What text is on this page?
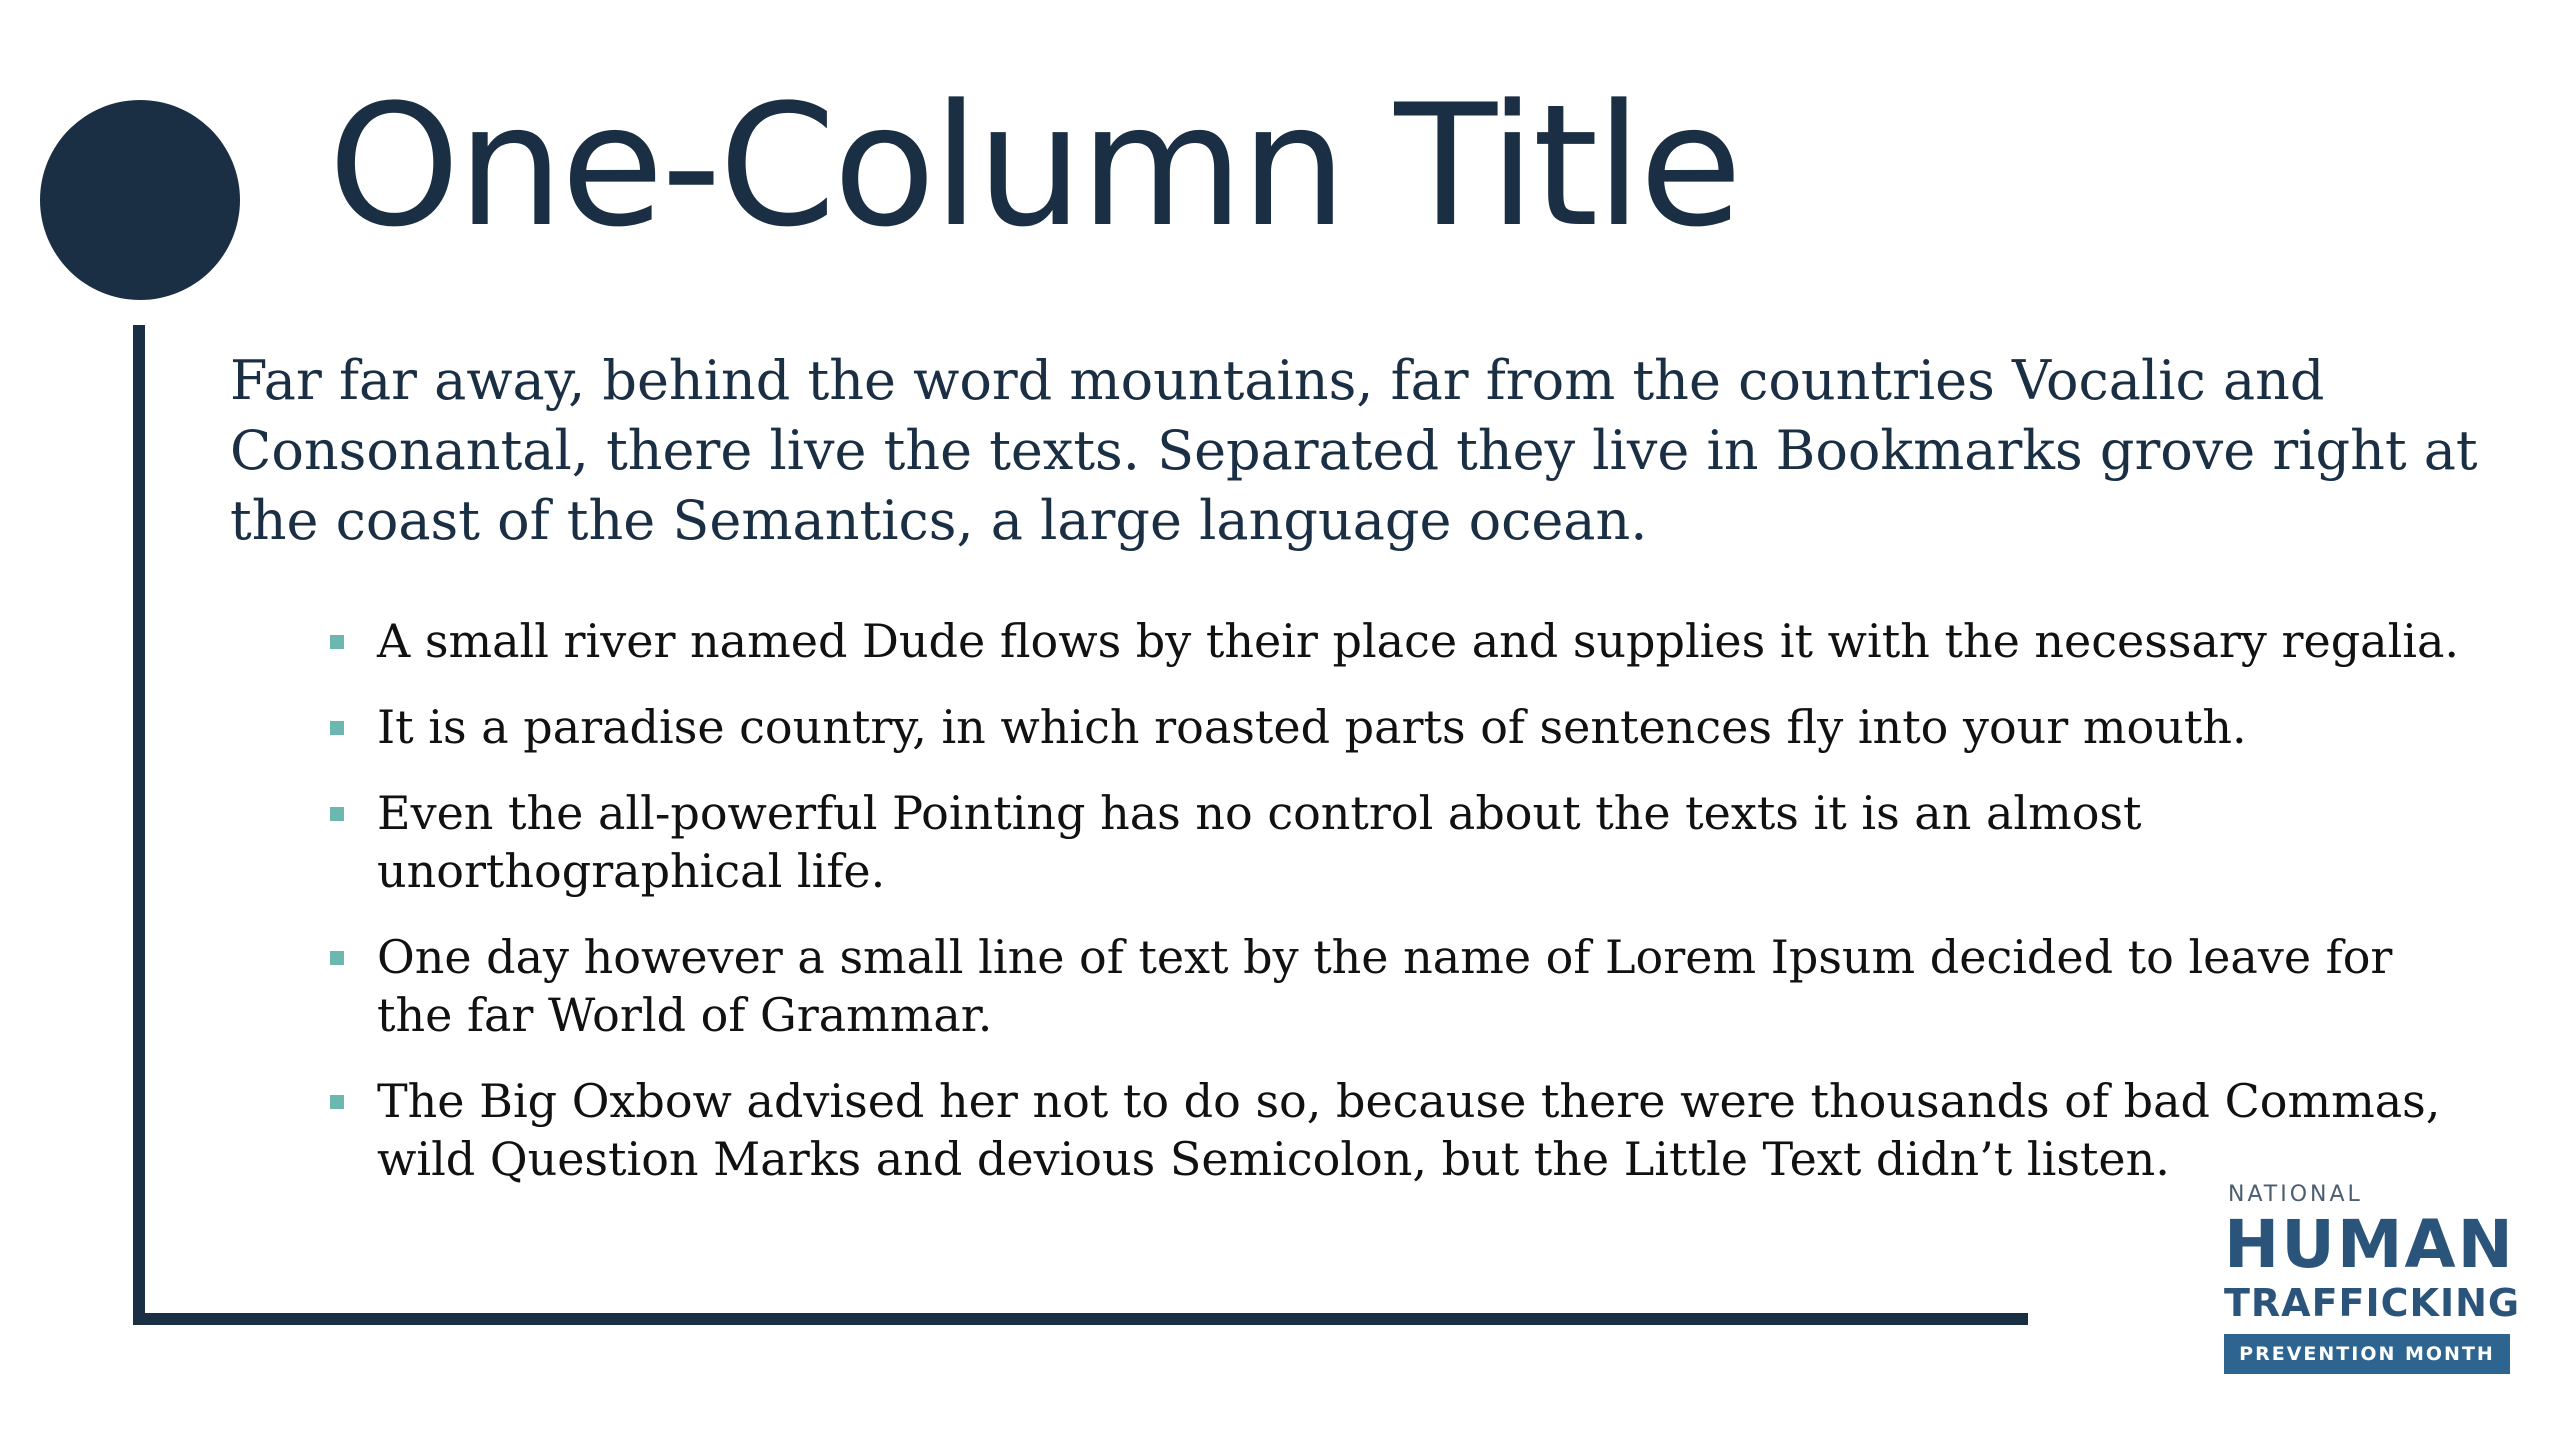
One-Column Title

Far far away, behind the word mountains, far from the countries Vocalic and Consonantal, there live the texts. Separated they live in Bookmarks grove right at the coast of the Semantics, a large language ocean.

A small river named Dude flows by their place and supplies it with the necessary regalia.
It is a paradise country, in which roasted parts of sentences fly into your mouth.
Even the all-powerful Pointing has no control about the texts it is an almost unorthographical life.
One day however a small line of text by the name of Lorem Ipsum decided to leave for the far World of Grammar.
The Big Oxbow advised her not to do so, because there were thousands of bad Commas, wild Question Marks and devious Semicolon, but the Little Text didn’t listen.
NATIONAL
HUMAN
TRAFFICKING
PREVENTION MONTH
